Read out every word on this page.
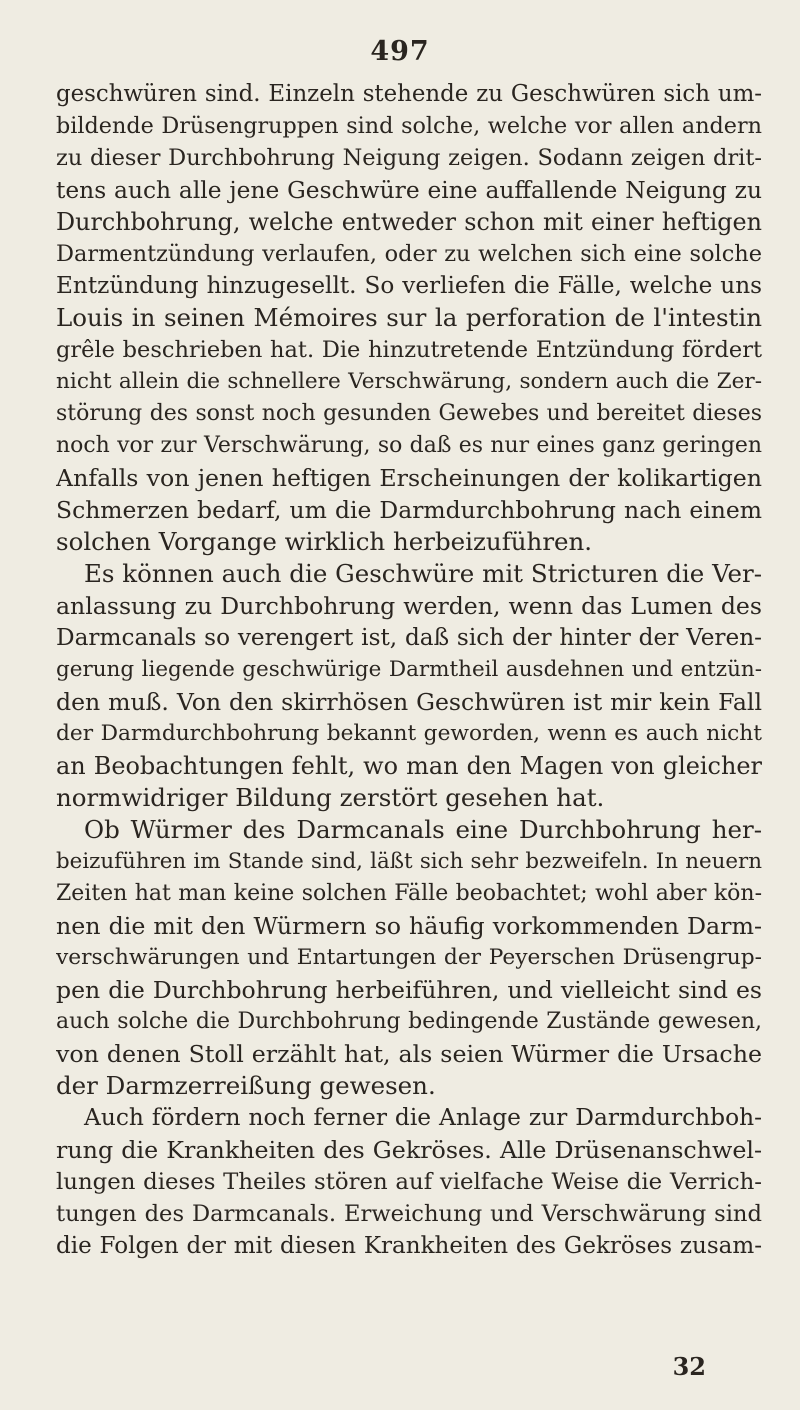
497
geschwüren sind. Einzeln stehende zu Geschwüren sich um-
bildende Drüsengruppen sind solche, welche vor allen andern
zu dieser Durchbohrung Neigung zeigen. Sodann zeigen drit-
tens auch alle jene Geschwüre eine auffallende Neigung zu
Durchbohrung, welche entweder schon mit einer heftigen
Darmentzündung verlaufen, oder zu welchen sich eine solche
Entzündung hinzugesellt. So verliefen die Fälle, welche uns
Louis in seinen Mémoires sur la perforation de l'intestin
grêle beschrieben hat. Die hinzutretende Entzündung fördert
nicht allein die schnellere Verschwärung, sondern auch die Zer-
störung des sonst noch gesunden Gewebes und bereitet dieses
noch vor zur Verschwärung, so daß es nur eines ganz geringen
Anfalls von jenen heftigen Erscheinungen der kolikartigen
Schmerzen bedarf, um die Darmdurchbohrung nach einem
solchen Vorgange wirklich herbeizuführen.
Es können auch die Geschwüre mit Stricturen die Ver-
anlassung zu Durchbohrung werden, wenn das Lumen des
Darmcanals so verengert ist, daß sich der hinter der Veren-
gerung liegende geschwürige Darmtheil ausdehnen und entzün-
den muß. Von den skirrhösen Geschwüren ist mir kein Fall
der Darmdurchbohrung bekannt geworden, wenn es auch nicht
an Beobachtungen fehlt, wo man den Magen von gleicher
normwidriger Bildung zerstört gesehen hat.
Ob Würmer des Darmcanals eine Durchbohrung her-
beizuführen im Stande sind, läßt sich sehr bezweifeln. In neuern
Zeiten hat man keine solchen Fälle beobachtet; wohl aber kön-
nen die mit den Würmern so häufig vorkommenden Darm-
verschwärungen und Entartungen der Peyerschen Drüsengrup-
pen die Durchbohrung herbeiführen, und vielleicht sind es
auch solche die Durchbohrung bedingende Zustände gewesen,
von denen Stoll erzählt hat, als seien Würmer die Ursache
der Darmzerreißung gewesen.
Auch fördern noch ferner die Anlage zur Darmdurchboh-
rung die Krankheiten des Gekröses. Alle Drüsenanschwel-
lungen dieses Theiles stören auf vielfache Weise die Verrich-
tungen des Darmcanals. Erweichung und Verschwärung sind
die Folgen der mit diesen Krankheiten des Gekröses zusam-
32
